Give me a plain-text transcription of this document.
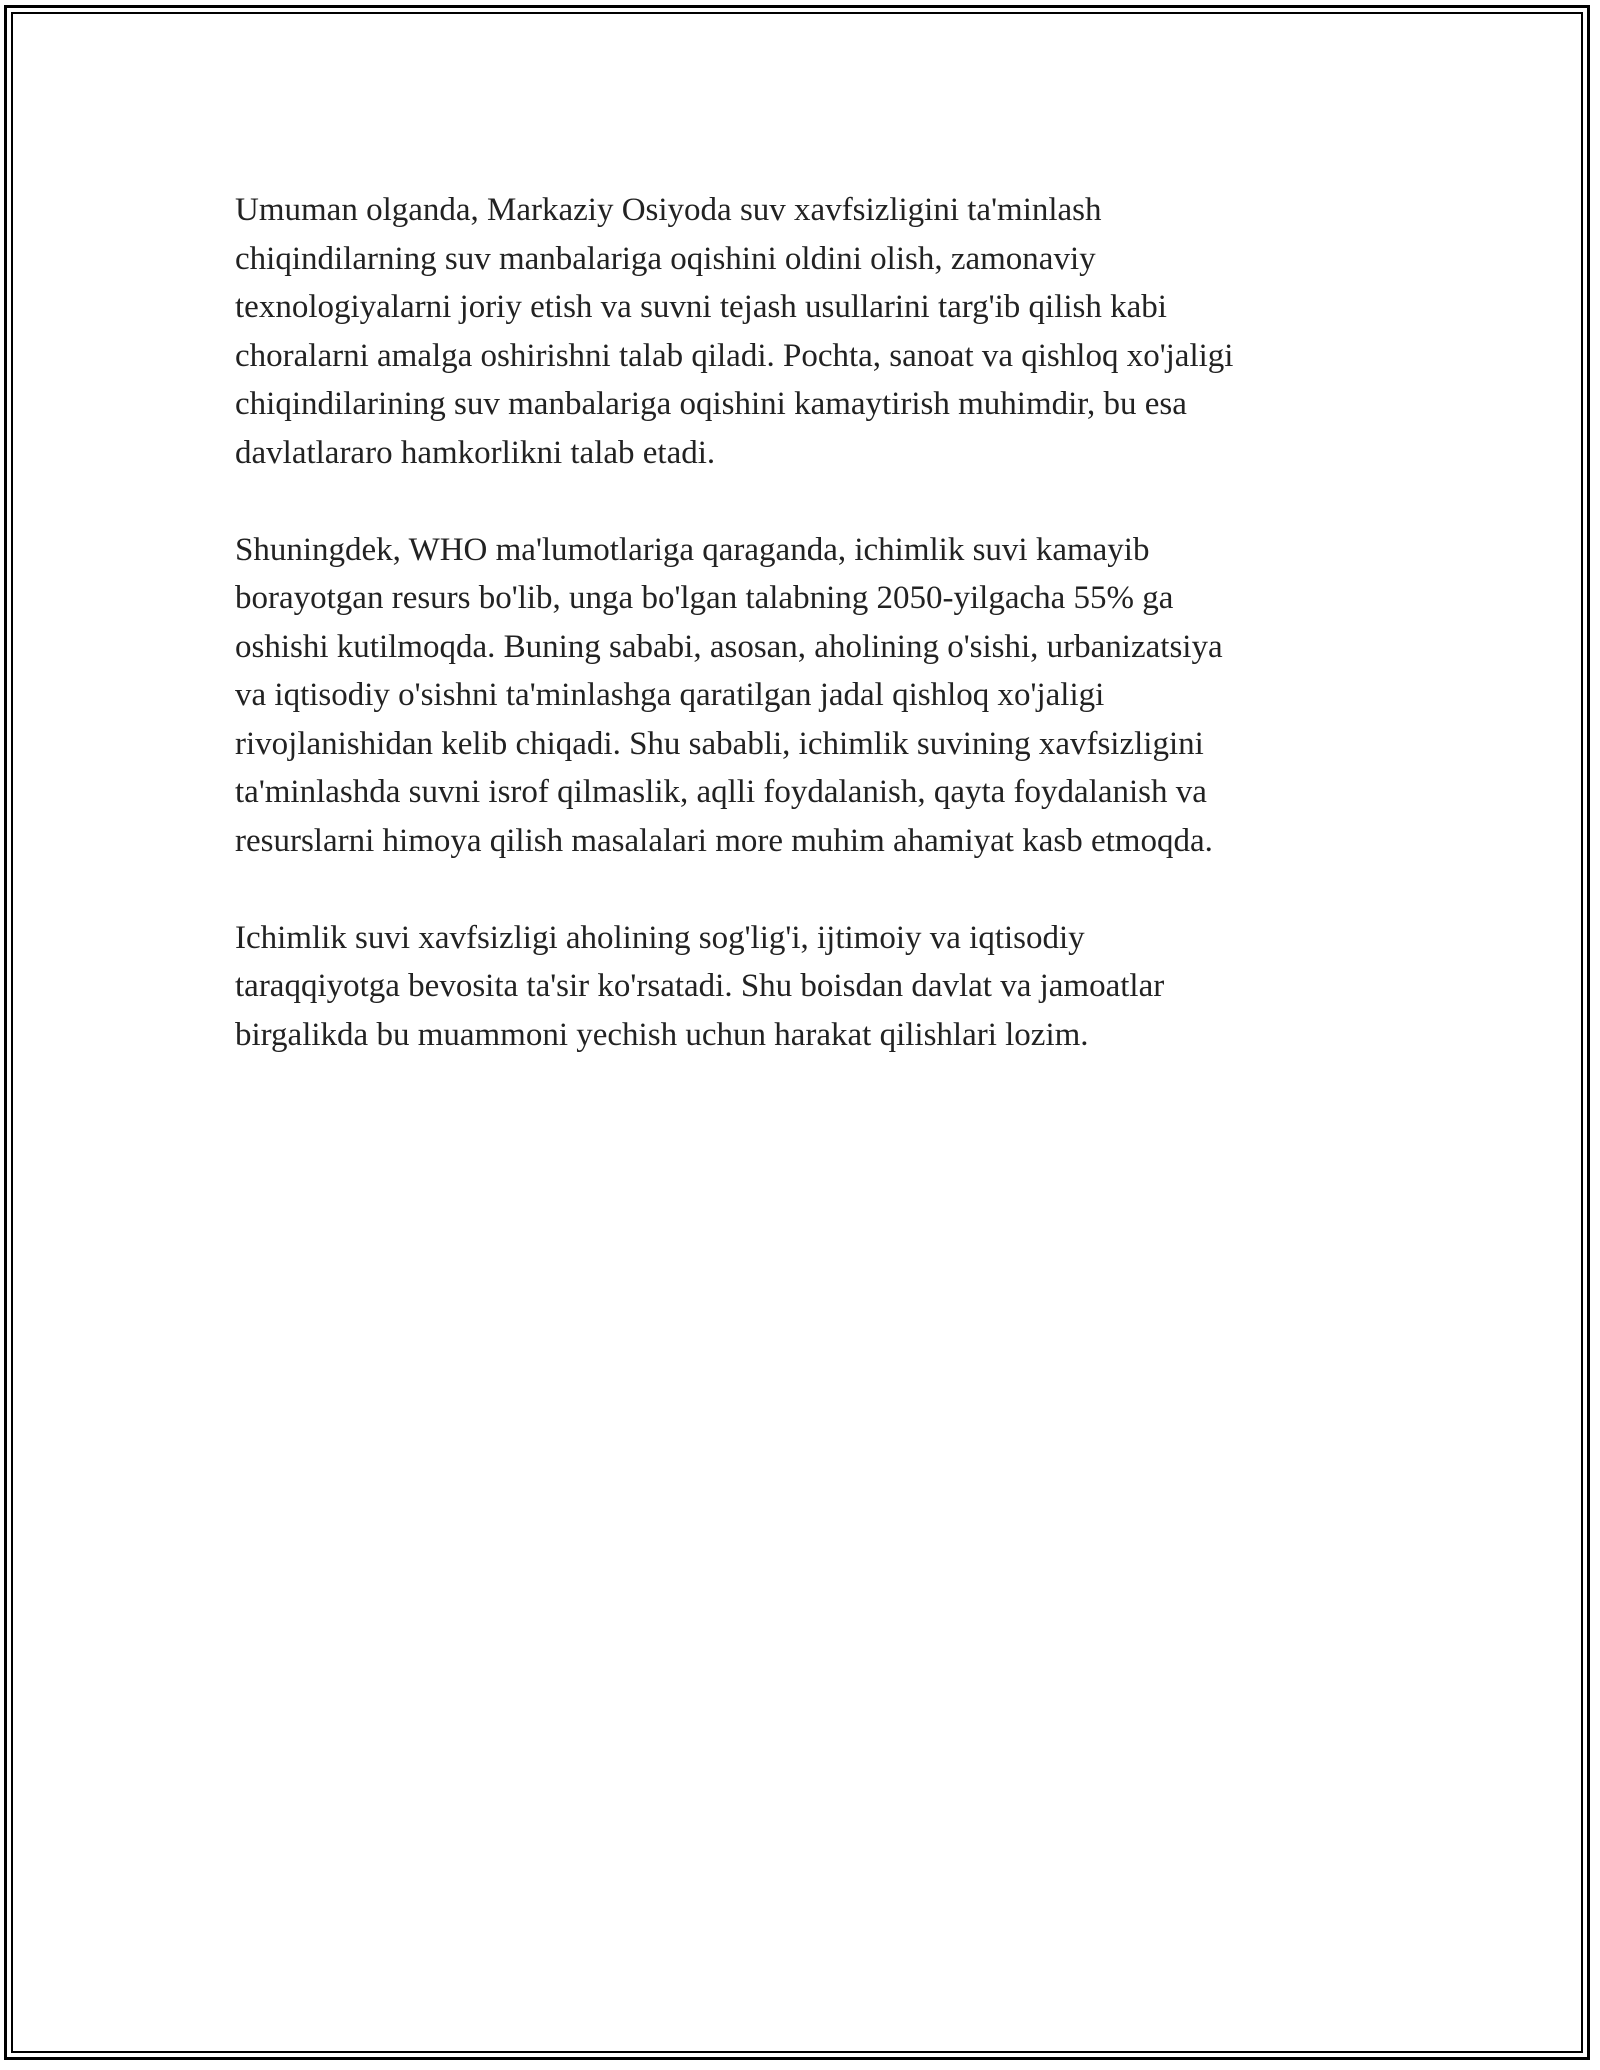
Umuman olganda, Markaziy Osiyoda suv xavfsizligini ta'minlash
chiqindilarning suv manbalariga oqishini oldini olish, zamonaviy
texnologiyalarni joriy etish va suvni tejash usullarini targ'ib qilish kabi
choralarni amalga oshirishni talab qiladi. Pochta, sanoat va qishloq xo'jaligi
chiqindilarining suv manbalariga oqishini kamaytirish muhimdir, bu esa
davlatlararo hamkorlikni talab etadi.

Shuningdek, WHO ma'lumotlariga qaraganda, ichimlik suvi kamayib
borayotgan resurs bo'lib, unga bo'lgan talabning 2050-yilgacha 55% ga
oshishi kutilmoqda. Buning sababi, asosan, aholining o'sishi, urbanizatsiya
va iqtisodiy o'sishni ta'minlashga qaratilgan jadal qishloq xo'jaligi
rivojlanishidan kelib chiqadi. Shu sababli, ichimlik suvining xavfsizligini
ta'minlashda suvni isrof qilmaslik, aqlli foydalanish, qayta foydalanish va
resurslarni himoya qilish masalalari more muhim ahamiyat kasb etmoqda.

Ichimlik suvi xavfsizligi aholining sog'lig'i, ijtimoiy va iqtisodiy
taraqqiyotga bevosita ta'sir ko'rsatadi. Shu boisdan davlat va jamoatlar
birgalikda bu muammoni yechish uchun harakat qilishlari lozim.
